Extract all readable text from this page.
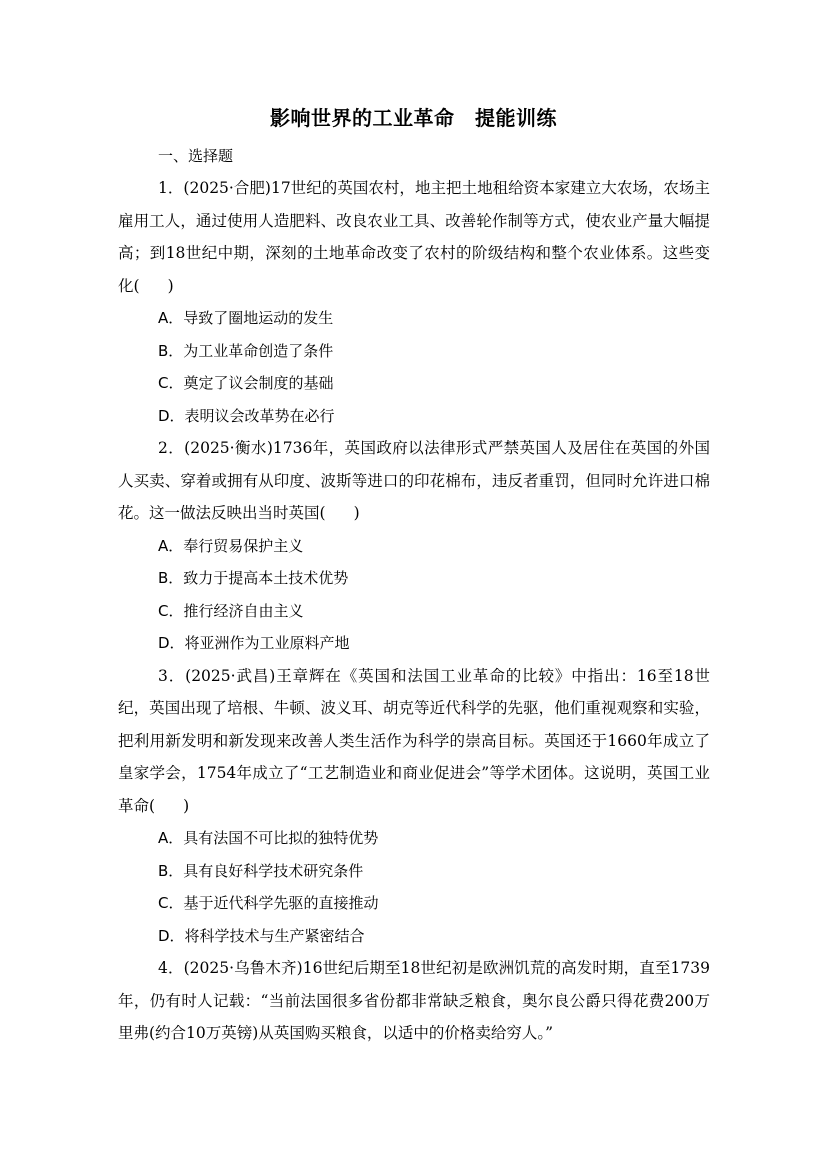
影响世界的工业革命　提能训练
一、选择题
1．(2025·合肥)17世纪的英国农村，地主把土地租给资本家建立大农场，农场主雇用工人，通过使用人造肥料、改良农业工具、改善轮作制等方式，使农业产量大幅提高；到18世纪中期，深刻的土地革命改变了农村的阶级结构和整个农业体系。这些变化( )
A．导致了圈地运动的发生
B．为工业革命创造了条件
C．奠定了议会制度的基础
D．表明议会改革势在必行
2．(2025·衡水)1736年，英国政府以法律形式严禁英国人及居住在英国的外国人买卖、穿着或拥有从印度、波斯等进口的印花棉布，违反者重罚，但同时允许进口棉花。这一做法反映出当时英国( )
A．奉行贸易保护主义
B．致力于提高本土技术优势
C．推行经济自由主义
D．将亚洲作为工业原料产地
3．(2025·武昌)王章辉在《英国和法国工业革命的比较》中指出：16至18世纪，英国出现了培根、牛顿、波义耳、胡克等近代科学的先驱，他们重视观察和实验，把利用新发明和新发现来改善人类生活作为科学的崇高目标。英国还于1660年成立了皇家学会，1754年成立了“工艺制造业和商业促进会”等学术团体。这说明，英国工业革命( )
A．具有法国不可比拟的独特优势
B．具有良好科学技术研究条件
C．基于近代科学先驱的直接推动
D．将科学技术与生产紧密结合
4．(2025·乌鲁木齐)16世纪后期至18世纪初是欧洲饥荒的高发时期，直至1739年，仍有时人记载：“当前法国很多省份都非常缺乏粮食，奥尔良公爵只得花费200万里弗(约合10万英镑)从英国购买粮食，以适中的价格卖给穷人。”
